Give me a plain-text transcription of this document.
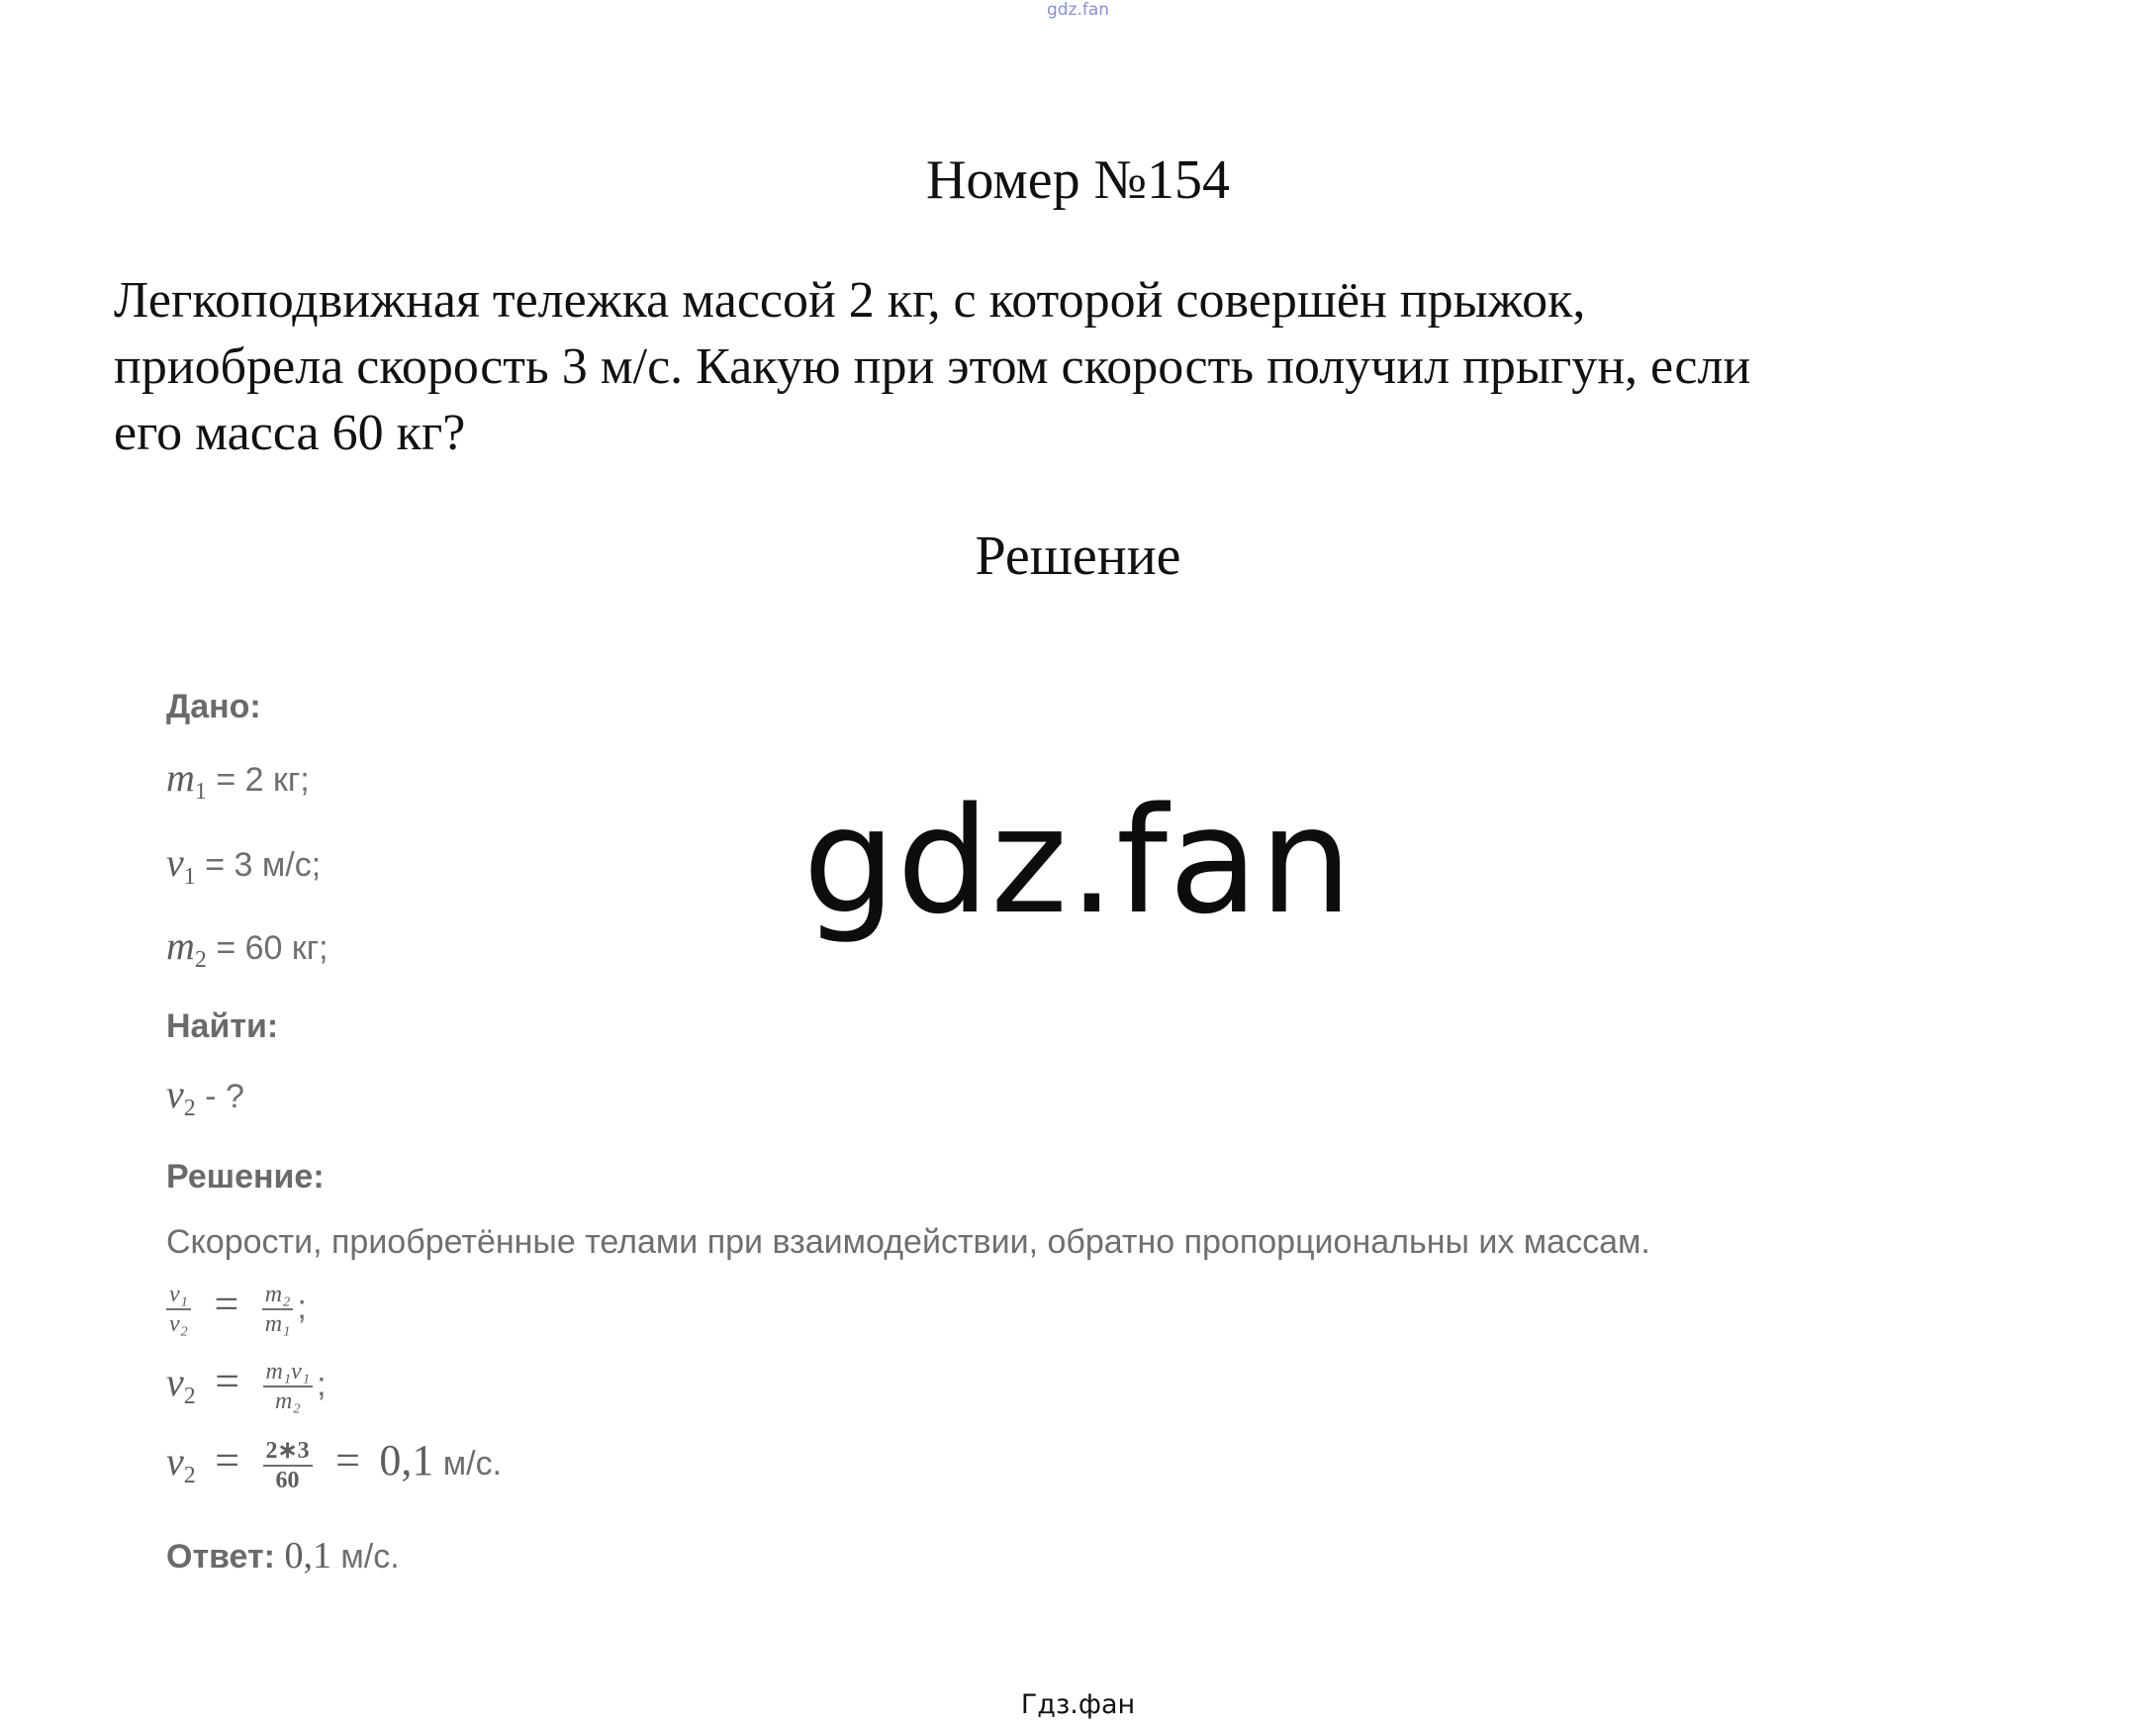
gdz.fan
Номер №154
Легкоподвижная тележка массой 2 кг, с которой совершён прыжок,
приобрела скорость 3 м/с. Какую при этом скорость получил прыгун, если
его масса 60 кг?
Решение
gdz.fan
Дано:
$m_1 = 2$ кг;
$v_1 = 3$ м/с;
$m_2 = 60$ кг;
Найти:
$v_2$ - ?
Решение:
Скорости, приобретённые телами при взаимодействии, обратно пропорциональны их массам.
$\frac{\text{v₁}}{\text{v₂}} = \frac{\text{m₂}}{\text{m₁}}$ ;
$v_2 = \frac{\text{m₁v₁}}{\text{m₂}}$ ;
$v_2 = \frac{2∗3}{60} = 0,1$ м/с.
Ответ: 0,1 м/с.
Гдз.фан
